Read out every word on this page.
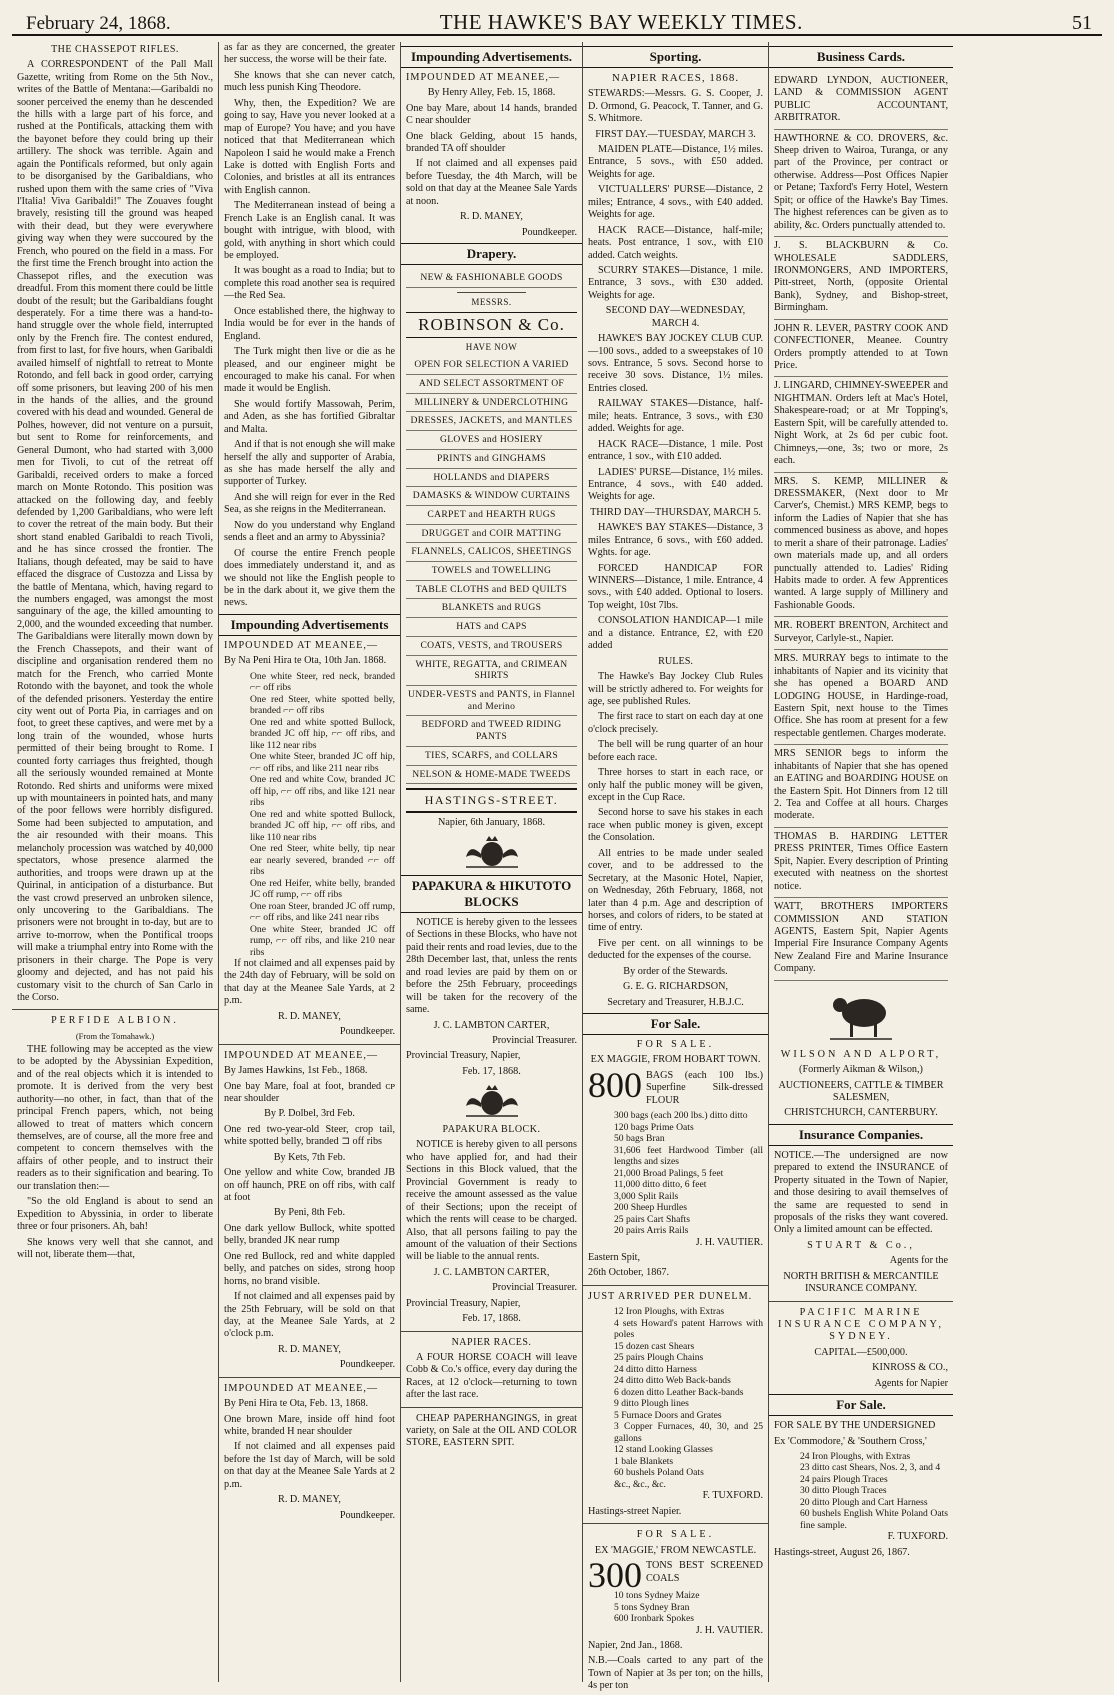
February 24, 1868.	THE HAWKE'S BAY WEEKLY TIMES.	51
THE CHASSEPOT RIFLES.

A CORRESPONDENT of the Pall Mall Gazette, writing from Rome on the 5th Nov., writes of the Battle of Mentana:—Garibaldi no sooner perceived the enemy than he descended the hills with a large part of his force, and rushed at the Pontificals, attacking them with the bayonet before they could bring up their artillery. The shock was terrible. Again and again the Pontificals reformed, but only again to be disorganised by the Garibaldians, who rushed upon them with the same cries of "Viva l'Italia! Viva Garibaldi!" The Zouaves fought bravely, resisting till the ground was heaped with their dead, but they were everywhere giving way when they were succoured by the French, who poured on the field in a mass. For the first time the French brought into action the Chassepot rifles, and the execution was dreadful. From this moment there could be little doubt of the result; but the Garibaldians fought desperately. For a time there was a hand-to-hand struggle over the whole field, interrupted only by the French fire. The contest endured, from first to last, for five hours, when Garibaldi availed himself of nightfall to retreat to Monte Rotondo, and fell back in good order, carrying off some prisoners, but leaving 200 of his men in the hands of the allies, and the ground covered with his dead and wounded. General de Polhes, however, did not venture on a pursuit, but sent to Rome for reinforcements, and General Dumont, who had started with 3,000 men for Tivoli, to cut of the retreat off Garibaldi, received orders to make a forced march on Monte Rotondo. This position was attacked on the following day, and feebly defended by 1,200 Garibaldians, who were left to cover the retreat of the main body. But their short stand enabled Garibaldi to reach Tivoli, and he has since crossed the frontier. The Italians, though defeated, may be said to have effaced the disgrace of Custozza and Lissa by the battle of Mentana, which, having regard to the numbers engaged, was amongst the most sanguinary of the age, the killed amounting to 2,000, and the wounded exceeding that number. The Garibaldians were literally mown down by the French Chassepots, and their want of discipline and organisation rendered them no match for the French, who carried Monte Rotondo with the bayonet, and took the whole of the defended prisoners. Yesterday the entire city went out of Porta Pia, in carriages and on foot, to greet these captives, and were met by a long train of the wounded, whose hurts permitted of their being brought to Rome. I counted forty carriages thus freighted, though all the seriously wounded remained at Monte Rotondo. Red shirts and uniforms were mixed up with mountaineers in pointed hats, and many of the poor fellows were horribly disfigured. Some had been subjected to amputation, and the air resounded with their moans. This melancholy procession was watched by 40,000 spectators, whose presence alarmed the authorities, and troops were drawn up at the Quirinal, in anticipation of a disturbance. But the vast crowd preserved an unbroken silence, only uncovering to the Garibaldians. The prisoners were not brought in to-day, but are to arrive to-morrow, when the Pontifical troops will make a triumphal entry into Rome with the prisoners in their charge. The Pope is very gloomy and dejected, and has not paid his customary visit to the church of San Carlo in the Corso.

PERFIDE ALBION.
(From the Tomahawk.)

THE following may be accepted as the view to be adopted by the Abyssinian Expedition, and of the real objects which it is intended to promote. It is derived from the very best authority—no other, in fact, than that of the principal French papers, which, not being allowed to treat of matters which concern themselves, are of course, all the more free and competent to concern themselves with the affairs of other people, and to instruct their readers as to their signification and bearing. To our translation then:—

"So the old England is about to send an Expedition to Abyssinia, in order to liberate three or four prisoners. Ah, bah!

She knows very well that she cannot, and will not, liberate them—that,

as far as they are concerned, the greater her success, the worse will be their fate.

She knows that she can never catch, much less punish King Theodore.

Why, then, the Expedition? We are going to say, Have you never looked at a map of Europe? You have; and you have noticed that that Mediterranean which Napoleon I said he would make a French Lake is dotted with English Forts and Colonies, and bristles at all its entrances with English cannon.

The Mediterranean instead of being a French Lake is an English canal. It was bought with intrigue, with blood, with gold, with anything in short which could be employed.

It was bought as a road to India; but to complete this road another sea is required—the Red Sea.

Once established there, the highway to India would be for ever in the hands of England.

The Turk might then live or die as he pleased, and our engineer might be encouraged to make his canal. For when made it would be English.

She would fortify Massowah, Perim, and Aden, as she has fortified Gibraltar and Malta.

And if that is not enough she will make herself the ally and supporter of Arabia, as she has made herself the ally and supporter of Turkey.

And she will reign for ever in the Red Sea, as she reigns in the Mediterranean.

Now do you understand why England sends a fleet and an army to Abyssinia?

Of course the entire French people does immediately understand it, and as we should not like the English people to be in the dark about it, we give them the news.

Impounding Advertisements

IMPOUNDED AT MEANEE,—

By Na Peni Hira te Ota, 10th Jan. 1868.

One white Steer, red neck, branded ⌐⌐ off ribs
One red Steer, white spotted belly, branded ⌐⌐ off ribs
One red and white spotted Bullock, branded JC off hip, ⌐⌐ off ribs, and like 112 near ribs
One white Steer, branded JC off hip, ⌐⌐ off ribs, and like 211 near ribs
One red and white Cow, branded JC off hip, ⌐⌐ off ribs, and like 121 near ribs
One red and white spotted Bullock, branded JC off hip, ⌐⌐ off ribs, and like 110 near ribs
One red Steer, white belly, tip near ear nearly severed, branded ⌐⌐ off ribs
One red Heifer, white belly, branded JC off rump, ⌐⌐ off ribs
One roan Steer, branded JC off rump, ⌐⌐ off ribs, and like 241 near ribs
One white Steer, branded JC off rump, ⌐⌐ off ribs, and like 210 near ribs

If not claimed and all expenses paid by the 24th day of February, will be sold on that day at the Meanee Sale Yards, at 2 p.m.

R. D. MANEY,

Poundkeeper.

IMPOUNDED AT MEANEE,—

By James Hawkins, 1st Feb., 1868.

One bay Mare, foal at foot, branded ᴄᴘ near shoulder

By P. Dolbel, 3rd Feb.

One red two-year-old Steer, crop tail, white spotted belly, branded ⊐ off ribs

By Kets, 7th Feb.

One yellow and white Cow, branded JB on off haunch, PRE on off ribs, with calf at foot

By Peni, 8th Feb.

One dark yellow Bullock, white spotted belly, branded JK near rump

One red Bullock, red and white dappled belly, and patches on sides, strong hoop horns, no brand visible.

If not claimed and all expenses paid by the 25th February, will be sold on that day, at the Meanee Sale Yards, at 2 o'clock p.m.

R. D. MANEY,

Poundkeeper.

IMPOUNDED AT MEANEE,—

By Peni Hira te Ota, Feb. 13, 1868.

One brown Mare, inside off hind foot white, branded H near shoulder

If not claimed and all expenses paid before the 1st day of March, will be sold on that day at the Meanee Sale Yards at 2 p.m.

R. D. MANEY,

Poundkeeper.

Impounding Advertisements.

IMPOUNDED AT MEANEE,—

By Henry Alley, Feb. 15, 1868.

One bay Mare, about 14 hands, branded C near shoulder

One black Gelding, about 15 hands, branded TA off shoulder

If not claimed and all expenses paid before Tuesday, the 4th March, will be sold on that day at the Meanee Sale Yards at noon.

R. D. MANEY,

Poundkeeper.

Drapery.
NEW & FASHIONABLE GOODS

MESSRS.

ROBINSON & Co.

HAVE NOW

OPEN FOR SELECTION A VARIED
AND SELECT ASSORTMENT OF
MILLINERY & UNDERCLOTHING
DRESSES, JACKETS, and MANTLES
GLOVES and HOSIERY
PRINTS and GINGHAMS
HOLLANDS and DIAPERS
DAMASKS & WINDOW CURTAINS
CARPET and HEARTH RUGS
DRUGGET and COIR MATTING
FLANNELS, CALICOS, SHEETINGS
TOWELS and TOWELLING
TABLE CLOTHS and BED QUILTS
BLANKETS and RUGS
HATS and CAPS
COATS, VESTS, and TROUSERS
WHITE, REGATTA, and CRIMEAN SHIRTS
UNDER-VESTS and PANTS, in Flannel and Merino
BEDFORD and TWEED RIDING PANTS
TIES, SCARFS, and COLLARS
NELSON & HOME-MADE TWEEDS
HASTINGS-STREET.

Napier, 6th January, 1868.

PAPAKURA & HIKUTOTO BLOCKS

NOTICE is hereby given to the lessees of Sections in these Blocks, who have not paid their rents and road levies, due to the 28th December last, that, unless the rents and road levies are paid by them on or before the 25th February, proceedings will be taken for the recovery of the same.

J. C. LAMBTON CARTER,

Provincial Treasurer.

Provincial Treasury, Napier,

Feb. 17, 1868.

PAPAKURA BLOCK.

NOTICE is hereby given to all persons who have applied for, and had their Sections in this Block valued, that the Provincial Government is ready to receive the amount assessed as the value of their Sections; upon the receipt of which the rents will cease to be charged. Also, that all persons failing to pay the amount of the valuation of their Sections will be liable to the annual rents.

J. C. LAMBTON CARTER,

Provincial Treasurer.

Provincial Treasury, Napier,

Feb. 17, 1868.

NAPIER RACES.

A FOUR HORSE COACH will leave Cobb & Co.'s office, every day during the Races, at 12 o'clock—returning to town after the last race.

CHEAP PAPERHANGINGS, in great variety, on Sale at the OIL AND COLOR STORE, EASTERN SPIT.

Sporting.

NAPIER RACES, 1868.

STEWARDS:—Messrs. G. S. Cooper, J. D. Ormond, G. Peacock, T. Tanner, and G. S. Whitmore.

FIRST DAY.—TUESDAY, MARCH 3.

MAIDEN PLATE—Distance, 1½ miles. Entrance, 5 sovs., with £50 added. Weights for age.

VICTUALLERS' PURSE—Distance, 2 miles; Entrance, 4 sovs., with £40 added. Weights for age.

HACK RACE—Distance, half-mile; heats. Post entrance, 1 sov., with £10 added. Catch weights.

SCURRY STAKES—Distance, 1 mile. Entrance, 3 sovs., with £30 added. Weights for age.

SECOND DAY—WEDNESDAY, MARCH 4.

HAWKE'S BAY JOCKEY CLUB CUP.—100 sovs., added to a sweepstakes of 10 sovs. Entrance, 5 sovs. Second horse to receive 30 sovs. Distance, 1½ miles. Entries closed.

RAILWAY STAKES—Distance, half-mile; heats. Entrance, 3 sovs., with £30 added. Weights for age.

HACK RACE—Distance, 1 mile. Post entrance, 1 sov., with £10 added.

LADIES' PURSE—Distance, 1½ miles. Entrance, 4 sovs., with £40 added. Weights for age.

THIRD DAY—THURSDAY, MARCH 5.

HAWKE'S BAY STAKES—Distance, 3 miles Entrance, 6 sovs., with £60 added. Wghts. for age.

FORCED HANDICAP FOR WINNERS—Distance, 1 mile. Entrance, 4 sovs., with £40 added. Optional to losers. Top weight, 10st 7lbs.

CONSOLATION HANDICAP—1 mile and a distance. Entrance, £2, with £20 added

RULES.

The Hawke's Bay Jockey Club Rules will be strictly adhered to. For weights for age, see published Rules.

The first race to start on each day at one o'clock precisely.

The bell will be rung quarter of an hour before each race.

Three horses to start in each race, or only half the public money will be given, except in the Cup Race.

Second horse to save his stakes in each race when public money is given, except the Consolation.

All entries to be made under sealed cover, and to be addressed to the Secretary, at the Masonic Hotel, Napier, on Wednesday, 26th February, 1868, not later than 4 p.m. Age and description of horses, and colors of riders, to be stated at time of entry.

Five per cent. on all winnings to be deducted for the expenses of the course.

By order of the Stewards.

G. E. G. RICHARDSON,

Secretary and Treasurer, H.B.J.C.

For Sale.

FOR SALE.

EX MAGGIE, FROM HOBART TOWN.

800 BAGS (each 100 lbs.) Superfine Silk-dressed FLOUR

300 bags (each 200 lbs.) ditto ditto
120 bags Prime Oats
50 bags Bran
31,606 feet Hardwood Timber (all lengths and sizes
21,000 Broad Palings, 5 feet
11,000 ditto ditto, 6 feet
3,000 Split Rails
200 Sheep Hurdles
25 pairs Cart Shafts
20 pairs Arris Rails

J. H. VAUTIER.

Eastern Spit,

26th October, 1867.

JUST ARRIVED PER DUNELM.

12 Iron Ploughs, with Extras
4 sets Howard's patent Harrows with poles
15 dozen cast Shears
25 pairs Plough Chains
24 ditto ditto Harness
24 ditto ditto Web Back-bands
6 dozen ditto Leather Back-bands
9 ditto Plough lines
5 Furnace Doors and Grates
3 Copper Furnaces, 40, 30, and 25 gallons
12 stand Looking Glasses
1 bale Blankets
60 bushels Poland Oats
&c., &c., &c.

F. TUXFORD.

Hastings-street Napier.

FOR SALE.

EX 'MAGGIE,' FROM NEWCASTLE.

300 TONS BEST SCREENED COALS

10 tons Sydney Maize
5 tons Sydney Bran
600 Ironbark Spokes

J. H. VAUTIER.

Napier, 2nd Jan., 1868.

N.B.—Coals carted to any part of the Town of Napier at 3s per ton; on the hills, 4s per ton

Business Cards.

EDWARD LYNDON, AUCTIONEER, LAND & COMMISSION AGENT PUBLIC ACCOUNTANT, ARBITRATOR.

HAWTHORNE & CO. DROVERS, &c. Sheep driven to Wairoa, Turanga, or any part of the Province, per contract or otherwise. Address—Post Offices Napier or Petane; Taxford's Ferry Hotel, Western Spit; or office of the Hawke's Bay Times. The highest references can be given as to ability, &c. Orders punctually attended to.

J. S. BLACKBURN & Co. WHOLESALE SADDLERS, IRONMONGERS, AND IMPORTERS, Pitt-street, North, (opposite Oriental Bank), Sydney, and Bishop-street, Birmingham.

JOHN R. LEVER, PASTRY COOK AND CONFECTIONER, Meanee. Country Orders promptly attended to at Town Price.

J. LINGARD, CHIMNEY-SWEEPER and NIGHTMAN. Orders left at Mac's Hotel, Shakespeare-road; or at Mr Topping's, Eastern Spit, will be carefully attended to. Night Work, at 2s 6d per cubic foot. Chimneys,—one, 3s; two or more, 2s each.

MRS. S. KEMP, MILLINER & DRESSMAKER, (Next door to Mr Carver's, Chemist.) MRS KEMP, begs to inform the Ladies of Napier that she has commenced business as above, and hopes to merit a share of their patronage. Ladies' own materials made up, and all orders punctually attended to. Ladies' Riding Habits made to order. A few Apprentices wanted. A large supply of Millinery and Fashionable Goods.

MR. ROBERT BRENTON, Architect and Surveyor, Carlyle-st., Napier.

MRS. MURRAY begs to intimate to the inhabitants of Napier and its vicinity that she has opened a BOARD AND LODGING HOUSE, in Hardinge-road, Eastern Spit, next house to the Times Office. She has room at present for a few respectable gentlemen. Charges moderate.

MRS SENIOR begs to inform the inhabitants of Napier that she has opened an EATING and BOARDING HOUSE on the Eastern Spit. Hot Dinners from 12 till 2. Tea and Coffee at all hours. Charges moderate.

THOMAS B. HARDING LETTER PRESS PRINTER, Times Office Eastern Spit, Napier. Every description of Printing executed with neatness on the shortest notice.

WATT, BROTHERS IMPORTERS COMMISSION AND STATION AGENTS, Eastern Spit, Napier Agents Imperial Fire Insurance Company Agents New Zealand Fire and Marine Insurance Company.

WILSON AND ALPORT,

(Formerly Aikman & Wilson,)

AUCTIONEERS, CATTLE & TIMBER SALESMEN,

CHRISTCHURCH, CANTERBURY.

Insurance Companies.

NOTICE.—The undersigned are now prepared to extend the INSURANCE of Property situated in the Town of Napier, and those desiring to avail themselves of the same are requested to send in proposals of the risks they want covered. Only a limited amount can be effected.

STUART & Co.,

Agents for the

NORTH BRITISH & MERCANTILE INSURANCE COMPANY.

PACIFIC MARINE INSURANCE COMPANY, SYDNEY.

CAPITAL—£500,000.

KINROSS & CO.,

Agents for Napier

For Sale.

FOR SALE BY THE UNDERSIGNED

Ex 'Commodore,' & 'Southern Cross,'

24 Iron Ploughs, with Extras
23 ditto cast Shears, Nos. 2, 3, and 4
24 pairs Plough Traces
30 ditto Plough Traces
20 ditto Plough and Cart Harness
60 bushels English White Poland Oats fine sample.

F. TUXFORD.

Hastings-street, August 26, 1867.
